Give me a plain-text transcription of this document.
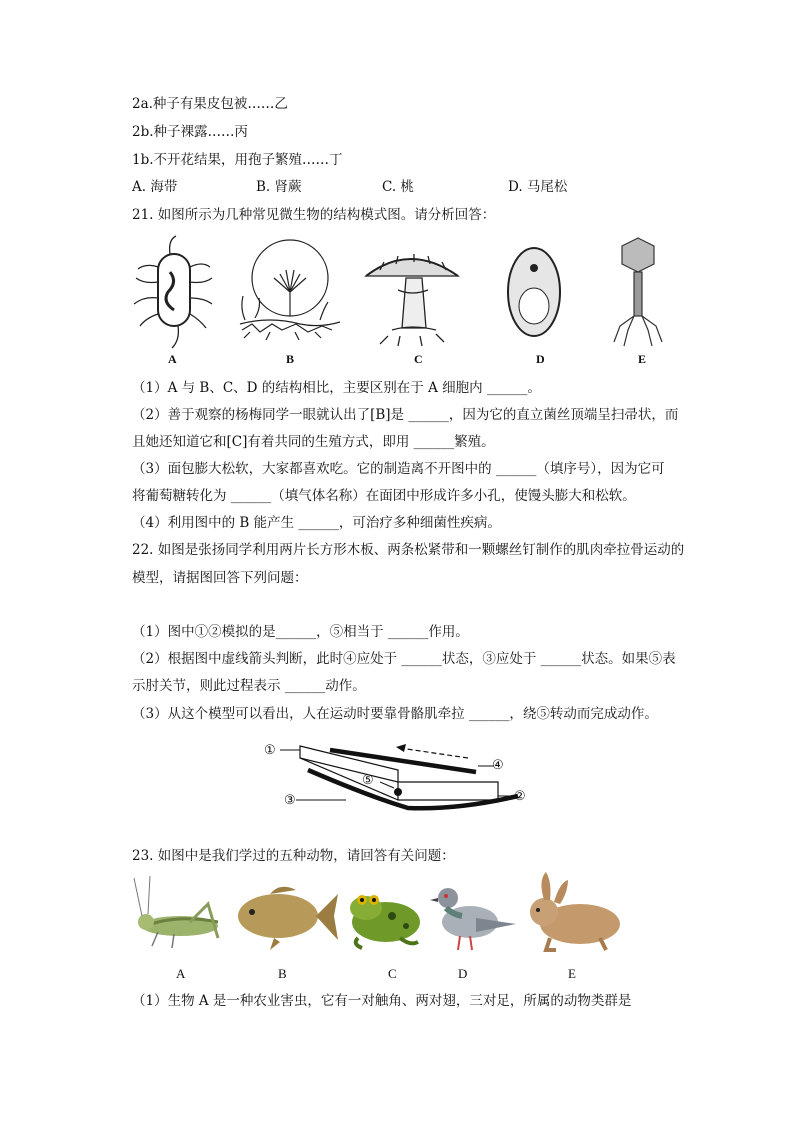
2a.种子有果皮包被……乙
2b.种子裸露……丙
1b.不开花结果，用孢子繁殖……丁
A. 海带	B. 肾蕨	C. 桃	D. 马尾松
21. 如图所示为几种常见微生物的结构模式图。请分析回答：
A	B	C	D	E
（1）A 与 B、C、D 的结构相比，主要区别在于 A 细胞内 ______。
（2）善于观察的杨梅同学一眼就认出了[B]是 ______，因为它的直立菌丝顶端呈扫帚状，而
且她还知道它和[C]有着共同的生殖方式，即用 ______繁殖。
（3）面包膨大松软，大家都喜欢吃。它的制造离不开图中的 ______（填序号），因为它可
将葡萄糖转化为 ______（填气体名称）在面团中形成许多小孔，使馒头膨大和松软。
（4）利用图中的 B 能产生 ______，可治疗多种细菌性疾病。
22. 如图是张扬同学利用两片长方形木板、两条松紧带和一颗螺丝钉制作的肌肉牵拉骨运动的
模型，请据图回答下列问题：
（1）图中①②模拟的是______，⑤相当于 ______作用。
（2）根据图中虚线箭头判断，此时④应处于 ______状态，③应处于 ______状态。如果⑤表
示肘关节，则此过程表示 ______动作。
（3）从这个模型可以看出，人在运动时要靠骨骼肌牵拉 ______，绕⑤转动而完成动作。
①
②
③
④
⑤
23. 如图中是我们学过的五种动物，请回答有关问题：
A	B	C	D	E
（1）生物 A 是一种农业害虫，它有一对触角、两对翅，三对足，所属的动物类群是
